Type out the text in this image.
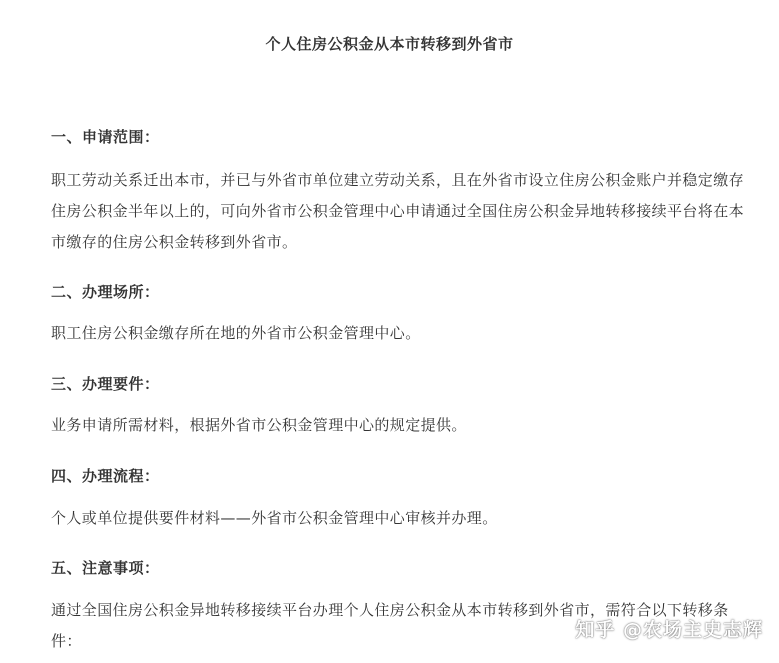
个人住房公积金从本市转移到外省市
一、申请范围：
职工劳动关系迁出本市，并已与外省市单位建立劳动关系，且在外省市设立住房公积金账户并稳定缴存住房公积金半年以上的，可向外省市公积金管理中心申请通过全国住房公积金异地转移接续平台将在本市缴存的住房公积金转移到外省市。
二、办理场所：
职工住房公积金缴存所在地的外省市公积金管理中心。
三、办理要件：
业务申请所需材料，根据外省市公积金管理中心的规定提供。
四、办理流程：
个人或单位提供要件材料——外省市公积金管理中心审核并办理。
五、注意事项：
通过全国住房公积金异地转移接续平台办理个人住房公积金从本市转移到外省市，需符合以下转移条件：	知乎 @农场主史志辉
